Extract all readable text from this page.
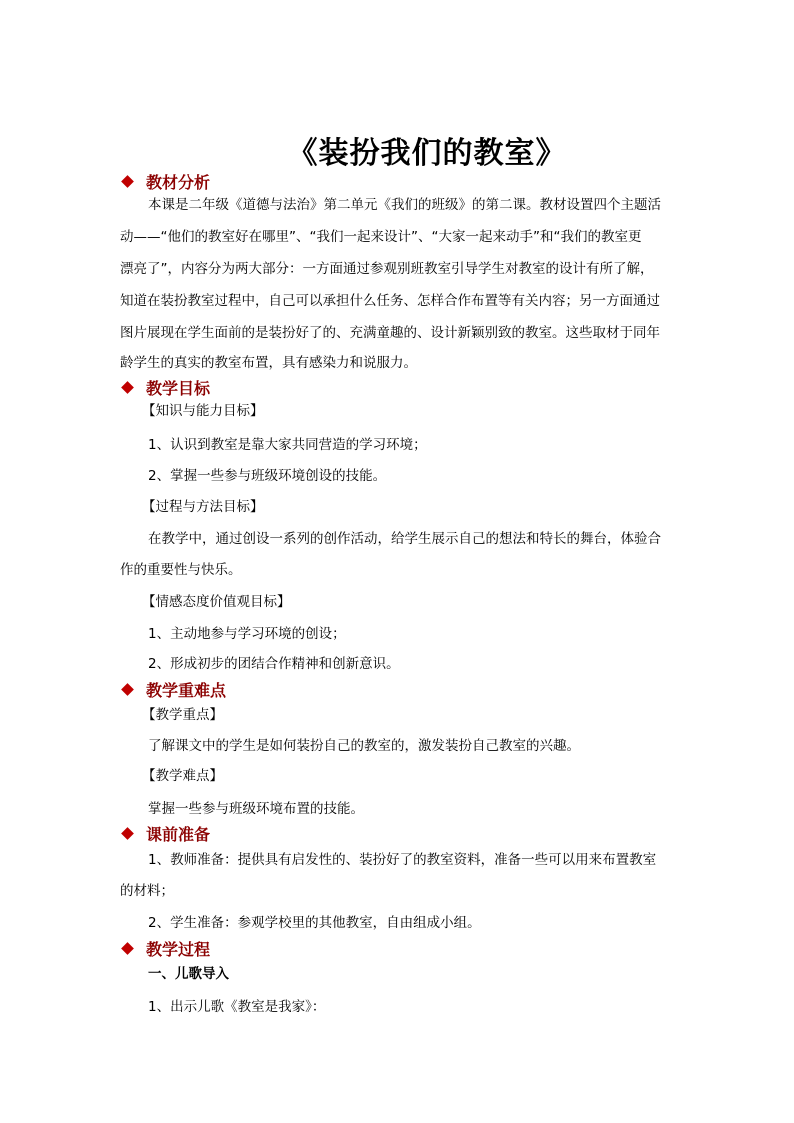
《装扮我们的教室》
教材分析
本课是二年级《道德与法治》第二单元《我们的班级》的第二课。教材设置四个主题活
动——“他们的教室好在哪里”、“我们一起来设计”、“大家一起来动手”和“我们的教室更
漂亮了”，内容分为两大部分：一方面通过参观别班教室引导学生对教室的设计有所了解，
知道在装扮教室过程中，自己可以承担什么任务、怎样合作布置等有关内容；另一方面通过
图片展现在学生面前的是装扮好了的、充满童趣的、设计新颖别致的教室。这些取材于同年
龄学生的真实的教室布置，具有感染力和说服力。
教学目标
【知识与能力目标】
1、认识到教室是靠大家共同营造的学习环境；
2、掌握一些参与班级环境创设的技能。
【过程与方法目标】
在教学中，通过创设一系列的创作活动，给学生展示自己的想法和特长的舞台，体验合
作的重要性与快乐。
【情感态度价值观目标】
1、主动地参与学习环境的创设；
2、形成初步的团结合作精神和创新意识。
教学重难点
【教学重点】
了解课文中的学生是如何装扮自己的教室的，激发装扮自己教室的兴趣。
【教学难点】
掌握一些参与班级环境布置的技能。
课前准备
1、教师准备：提供具有启发性的、装扮好了的教室资料，准备一些可以用来布置教室
的材料；
2、学生准备：参观学校里的其他教室，自由组成小组。
教学过程
一、儿歌导入
1、出示儿歌《教室是我家》：
